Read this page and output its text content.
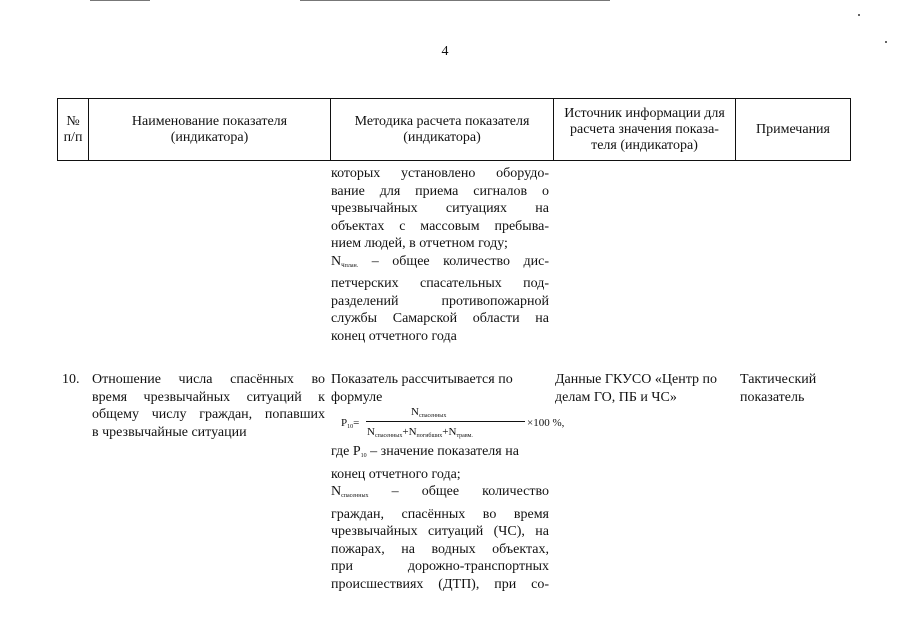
4
№
п/п
Наименование показателя
(индикатора)
Методика расчета показателя
(индикатора)
Источник информации для
расчета значения показа-
теля (индикатора)
Примечания
которых установлено оборудо-
вание для приема сигналов о
чрезвычайных ситуациях на
объектах с массовым пребыва-
нием людей, в отчетном году;
$N_чплан$. – общее количество дис-
петчерских спасательных под-
разделений противопожарной
службы Самарской области на
конец отчетного года
10. Отношение числа спасённых во
время чрезвычайных ситуаций к
общему числу граждан, попавших
в чрезвычайные ситуации
Показатель рассчитывается по
формуле
P10=
Nспасенных
Nспасенных+Nпогибших+Nтравм.
×100 %,
где P10 – значение показателя на
конец отчетного года;
Nспасенных – общее количество
граждан, спасённых во время
чрезвычайных ситуаций (ЧС), на
пожарах, на водных объектах,
при дорожно-транспортных
происшествиях (ДТП), при со-
Данные ГКУСО «Центр по
делам ГО, ПБ и ЧС»
Тактический
показатель
